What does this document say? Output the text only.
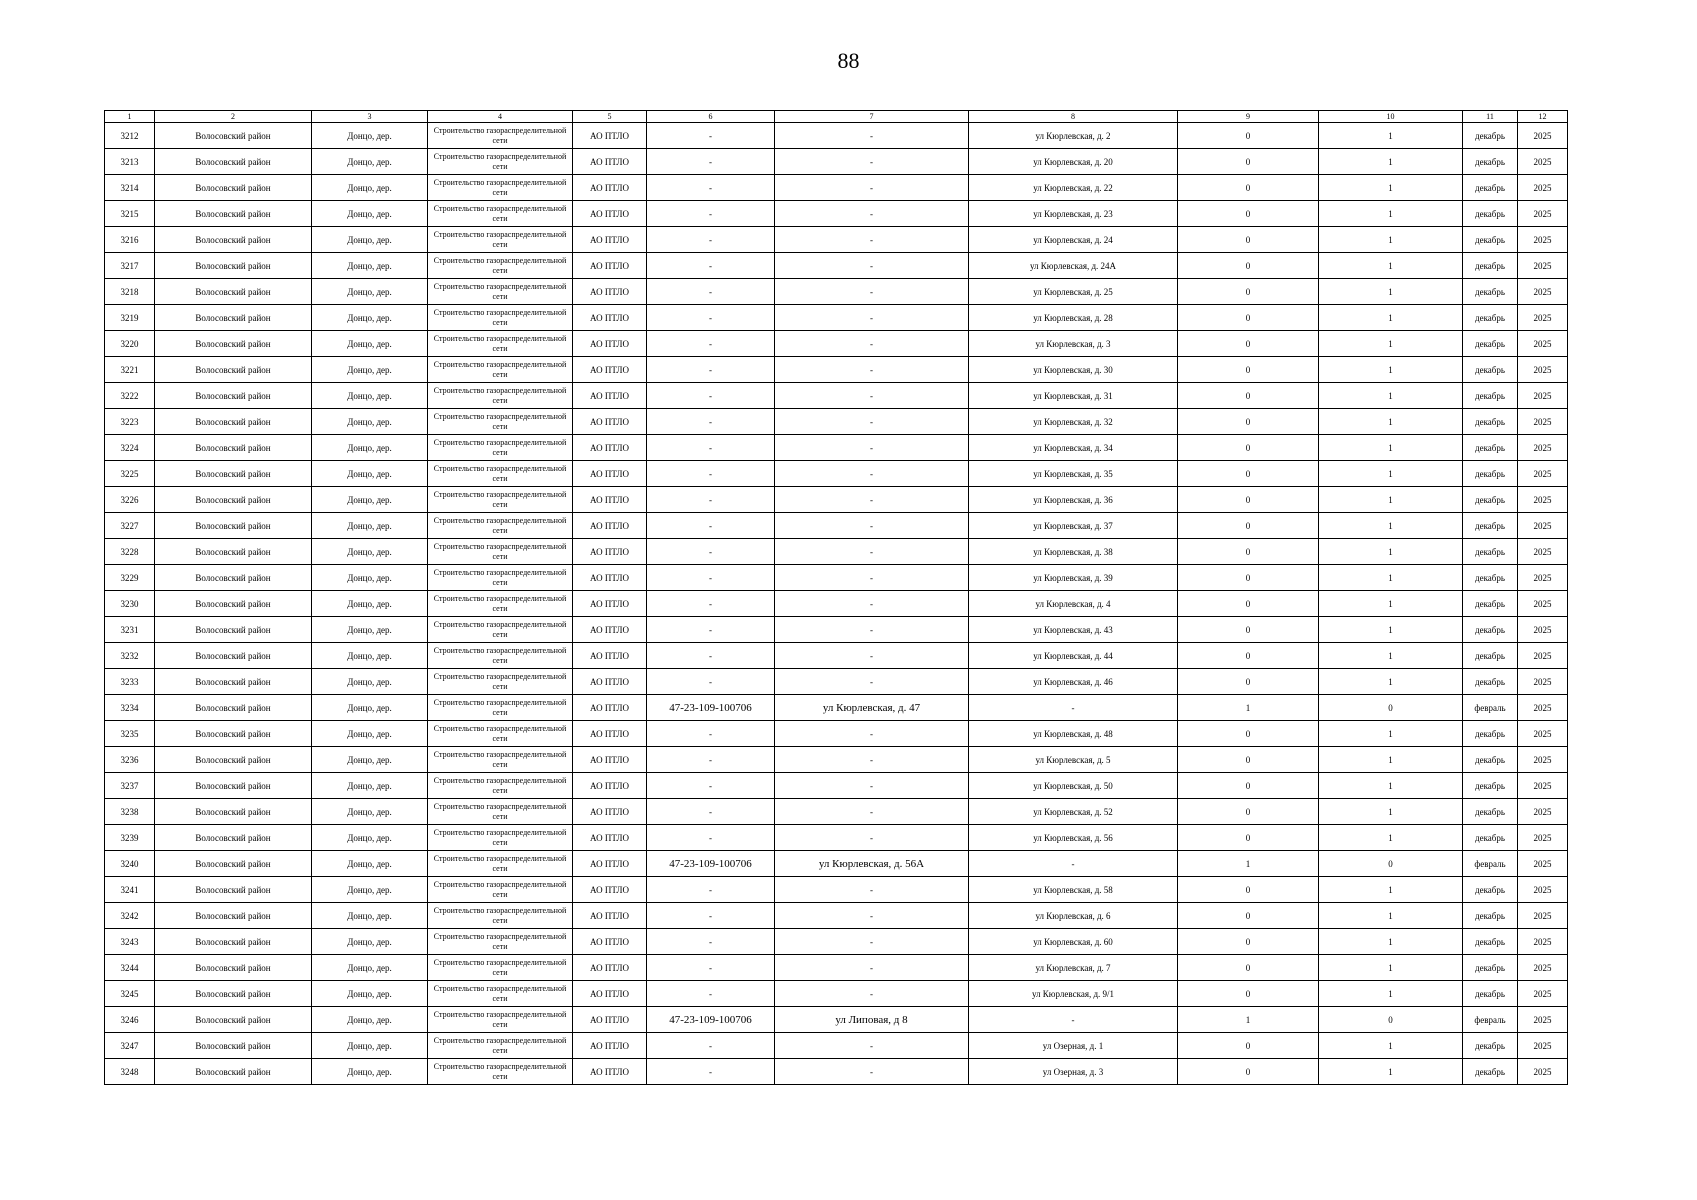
88
1	2	3	4	5	6	7	8	9	10	11	12
3212	Волосовский район	Донцо, дер.	Строительство газораспределительной сети	АО ПТЛО	-	-	ул Кюрлевская, д. 2	0	1	декабрь	2025
3213	Волосовский район	Донцо, дер.	Строительство газораспределительной сети	АО ПТЛО	-	-	ул Кюрлевская, д. 20	0	1	декабрь	2025
3214	Волосовский район	Донцо, дер.	Строительство газораспределительной сети	АО ПТЛО	-	-	ул Кюрлевская, д. 22	0	1	декабрь	2025
3215	Волосовский район	Донцо, дер.	Строительство газораспределительной сети	АО ПТЛО	-	-	ул Кюрлевская, д. 23	0	1	декабрь	2025
3216	Волосовский район	Донцо, дер.	Строительство газораспределительной сети	АО ПТЛО	-	-	ул Кюрлевская, д. 24	0	1	декабрь	2025
3217	Волосовский район	Донцо, дер.	Строительство газораспределительной сети	АО ПТЛО	-	-	ул Кюрлевская, д. 24А	0	1	декабрь	2025
3218	Волосовский район	Донцо, дер.	Строительство газораспределительной сети	АО ПТЛО	-	-	ул Кюрлевская, д. 25	0	1	декабрь	2025
3219	Волосовский район	Донцо, дер.	Строительство газораспределительной сети	АО ПТЛО	-	-	ул Кюрлевская, д. 28	0	1	декабрь	2025
3220	Волосовский район	Донцо, дер.	Строительство газораспределительной сети	АО ПТЛО	-	-	ул Кюрлевская, д. 3	0	1	декабрь	2025
3221	Волосовский район	Донцо, дер.	Строительство газораспределительной сети	АО ПТЛО	-	-	ул Кюрлевская, д. 30	0	1	декабрь	2025
3222	Волосовский район	Донцо, дер.	Строительство газораспределительной сети	АО ПТЛО	-	-	ул Кюрлевская, д. 31	0	1	декабрь	2025
3223	Волосовский район	Донцо, дер.	Строительство газораспределительной сети	АО ПТЛО	-	-	ул Кюрлевская, д. 32	0	1	декабрь	2025
3224	Волосовский район	Донцо, дер.	Строительство газораспределительной сети	АО ПТЛО	-	-	ул Кюрлевская, д. 34	0	1	декабрь	2025
3225	Волосовский район	Донцо, дер.	Строительство газораспределительной сети	АО ПТЛО	-	-	ул Кюрлевская, д. 35	0	1	декабрь	2025
3226	Волосовский район	Донцо, дер.	Строительство газораспределительной сети	АО ПТЛО	-	-	ул Кюрлевская, д. 36	0	1	декабрь	2025
3227	Волосовский район	Донцо, дер.	Строительство газораспределительной сети	АО ПТЛО	-	-	ул Кюрлевская, д. 37	0	1	декабрь	2025
3228	Волосовский район	Донцо, дер.	Строительство газораспределительной сети	АО ПТЛО	-	-	ул Кюрлевская, д. 38	0	1	декабрь	2025
3229	Волосовский район	Донцо, дер.	Строительство газораспределительной сети	АО ПТЛО	-	-	ул Кюрлевская, д. 39	0	1	декабрь	2025
3230	Волосовский район	Донцо, дер.	Строительство газораспределительной сети	АО ПТЛО	-	-	ул Кюрлевская, д. 4	0	1	декабрь	2025
3231	Волосовский район	Донцо, дер.	Строительство газораспределительной сети	АО ПТЛО	-	-	ул Кюрлевская, д. 43	0	1	декабрь	2025
3232	Волосовский район	Донцо, дер.	Строительство газораспределительной сети	АО ПТЛО	-	-	ул Кюрлевская, д. 44	0	1	декабрь	2025
3233	Волосовский район	Донцо, дер.	Строительство газораспределительной сети	АО ПТЛО	-	-	ул Кюрлевская, д. 46	0	1	декабрь	2025
3234	Волосовский район	Донцо, дер.	Строительство газораспределительной сети	АО ПТЛО	47-23-109-100706	ул Кюрлевская, д. 47	-	1	0	февраль	2025
3235	Волосовский район	Донцо, дер.	Строительство газораспределительной сети	АО ПТЛО	-	-	ул Кюрлевская, д. 48	0	1	декабрь	2025
3236	Волосовский район	Донцо, дер.	Строительство газораспределительной сети	АО ПТЛО	-	-	ул Кюрлевская, д. 5	0	1	декабрь	2025
3237	Волосовский район	Донцо, дер.	Строительство газораспределительной сети	АО ПТЛО	-	-	ул Кюрлевская, д. 50	0	1	декабрь	2025
3238	Волосовский район	Донцо, дер.	Строительство газораспределительной сети	АО ПТЛО	-	-	ул Кюрлевская, д. 52	0	1	декабрь	2025
3239	Волосовский район	Донцо, дер.	Строительство газораспределительной сети	АО ПТЛО	-	-	ул Кюрлевская, д. 56	0	1	декабрь	2025
3240	Волосовский район	Донцо, дер.	Строительство газораспределительной сети	АО ПТЛО	47-23-109-100706	ул Кюрлевская, д. 56А	-	1	0	февраль	2025
3241	Волосовский район	Донцо, дер.	Строительство газораспределительной сети	АО ПТЛО	-	-	ул Кюрлевская, д. 58	0	1	декабрь	2025
3242	Волосовский район	Донцо, дер.	Строительство газораспределительной сети	АО ПТЛО	-	-	ул Кюрлевская, д. 6	0	1	декабрь	2025
3243	Волосовский район	Донцо, дер.	Строительство газораспределительной сети	АО ПТЛО	-	-	ул Кюрлевская, д. 60	0	1	декабрь	2025
3244	Волосовский район	Донцо, дер.	Строительство газораспределительной сети	АО ПТЛО	-	-	ул Кюрлевская, д. 7	0	1	декабрь	2025
3245	Волосовский район	Донцо, дер.	Строительство газораспределительной сети	АО ПТЛО	-	-	ул Кюрлевская, д. 9/1	0	1	декабрь	2025
3246	Волосовский район	Донцо, дер.	Строительство газораспределительной сети	АО ПТЛО	47-23-109-100706	ул Липовая, д 8	-	1	0	февраль	2025
3247	Волосовский район	Донцо, дер.	Строительство газораспределительной сети	АО ПТЛО	-	-	ул Озерная, д. 1	0	1	декабрь	2025
3248	Волосовский район	Донцо, дер.	Строительство газораспределительной сети	АО ПТЛО	-	-	ул Озерная, д. 3	0	1	декабрь	2025
